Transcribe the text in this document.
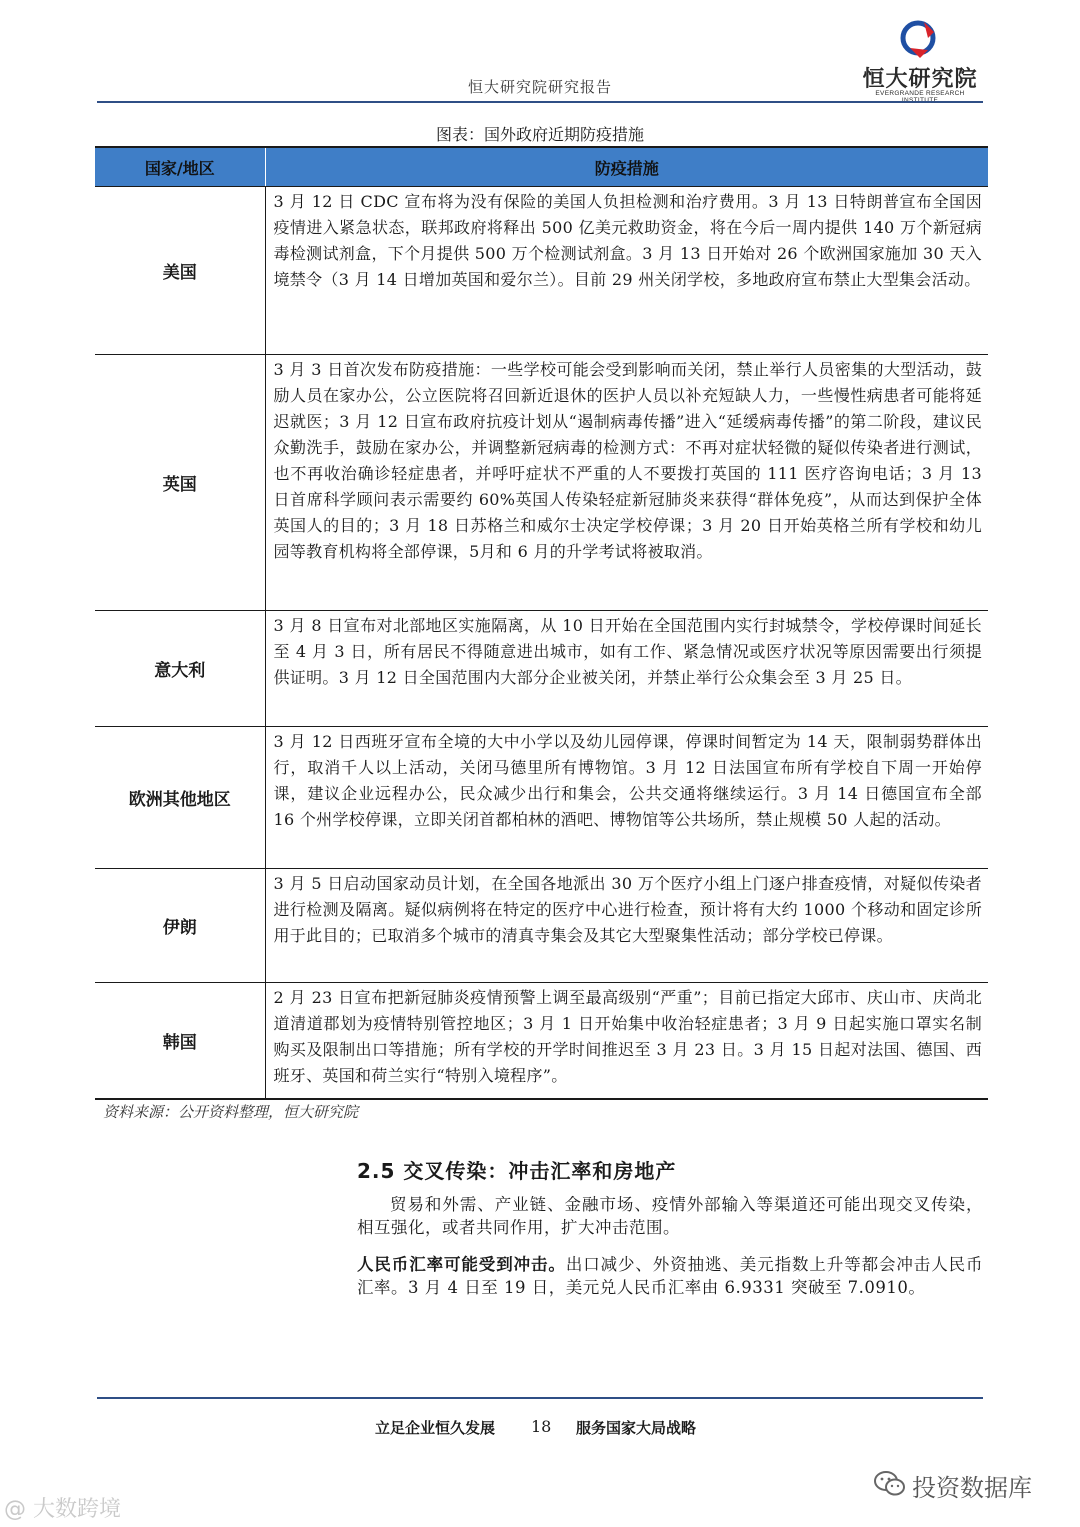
恒大研究院研究报告	恒大研究院
EVERGRANDE RESEARCH
图表：国外政府近期防疫措施
国家/地区	防疫措施
美国	3 月 12 日 CDC 宣布将为没有保险的美国人负担检测和治疗费用。3 月 13 日特朗普宣布全国因疫情进入紧急状态，联邦政府将释出 500 亿美元救助资金，将在今后一周内提供 140 万个新冠病毒检测试剂盒，下个月提供 500 万个检测试剂盒。3 月 13 日开始对 26 个欧洲国家施加 30 天入境禁令（3 月 14 日增加英国和爱尔兰）。目前 29 州关闭学校，多地政府宣布禁止大型集会活动。
英国	3 月 3 日首次发布防疫措施：一些学校可能会受到影响而关闭，禁止举行人员密集的大型活动，鼓励人员在家办公，公立医院将召回新近退休的医护人员以补充短缺人力，一些慢性病患者可能将延迟就医；3 月 12 日宣布政府抗疫计划从“遏制病毒传播”进入“延缓病毒传播”的第二阶段，建议民众勤洗手，鼓励在家办公，并调整新冠病毒的检测方式：不再对症状轻微的疑似传染者进行测试，也不再收治确诊轻症患者，并呼吁症状不严重的人不要拨打英国的 111 医疗咨询电话；3 月 13 日首席科学顾问表示需要约 60%英国人传染轻症新冠肺炎来获得“群体免疫”，从而达到保护全体英国人的目的；3 月 18 日苏格兰和威尔士决定学校停课；3 月 20 日开始英格兰所有学校和幼儿园等教育机构将全部停课，5月和 6 月的升学考试将被取消。
意大利	3 月 8 日宣布对北部地区实施隔离，从 10 日开始在全国范围内实行封城禁令，学校停课时间延长至 4 月 3 日，所有居民不得随意进出城市，如有工作、紧急情况或医疗状况等原因需要出行须提供证明。3 月 12 日全国范围内大部分企业被关闭，并禁止举行公众集会至 3 月 25 日。
欧洲其他地区	3 月 12 日西班牙宣布全境的大中小学以及幼儿园停课，停课时间暂定为 14 天，限制弱势群体出行，取消千人以上活动，关闭马德里所有博物馆。3 月 12 日法国宣布所有学校自下周一开始停课，建议企业远程办公，民众减少出行和集会，公共交通将继续运行。3 月 14 日德国宣布全部 16 个州学校停课，立即关闭首都柏林的酒吧、博物馆等公共场所，禁止规模 50 人起的活动。
伊朗	3 月 5 日启动国家动员计划，在全国各地派出 30 万个医疗小组上门逐户排查疫情，对疑似传染者进行检测及隔离。疑似病例将在特定的医疗中心进行检查，预计将有大约 1000 个移动和固定诊所用于此目的；已取消多个城市的清真寺集会及其它大型聚集性活动；部分学校已停课。
韩国	2 月 23 日宣布把新冠肺炎疫情预警上调至最高级别“严重”；目前已指定大邱市、庆山市、庆尚北道清道郡划为疫情特别管控地区；3 月 1 日开始集中收治轻症患者；3 月 9 日起实施口罩实名制购买及限制出口等措施；所有学校的开学时间推迟至 3 月 23 日。3 月 15 日起对法国、德国、西班牙、英国和荷兰实行“特别入境程序”。
资料来源：公开资料整理，恒大研究院
2.5 交叉传染：冲击汇率和房地产
贸易和外需、产业链、金融市场、疫情外部输入等渠道还可能出现交叉传染，相互强化，或者共同作用，扩大冲击范围。
人民币汇率可能受到冲击。出口减少、外资抽逃、美元指数上升等都会冲击人民币汇率。3 月 4 日至 19 日，美元兑人民币汇率由 6.9331 突破至 7.0910。
立足企业恒久发展 18 服务国家大局战略
@ 大数跨境
投资数据库
